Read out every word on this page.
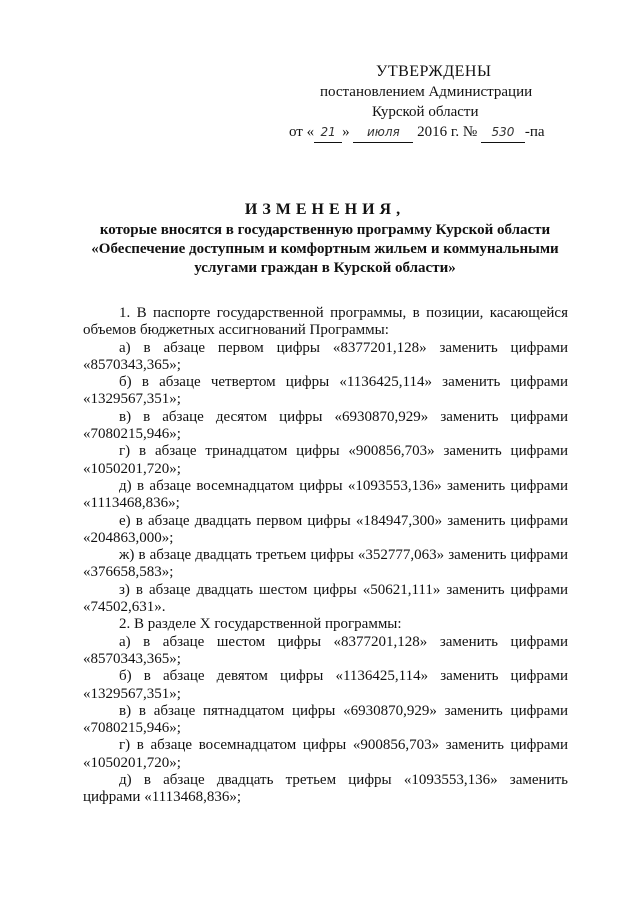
УТВЕРЖДЕНЫ
постановлением Администрации
Курской области
от « 21 » июля 2016 г. № 530 -па
ИЗМЕНЕНИЯ,
которые вносятся в государственную программу Курской области
«Обеспечение доступным и комфортным жильем и коммунальными
услугами граждан в Курской области»
1. В паспорте государственной программы, в позиции, касающейся
объемов бюджетных ассигнований Программы:
а) в абзаце первом цифры «8377201,128» заменить цифрами
«8570343,365»;
б) в абзаце четвертом цифры «1136425,114» заменить цифрами
«1329567,351»;
в) в абзаце десятом цифры «6930870,929» заменить цифрами
«7080215,946»;
г) в абзаце тринадцатом цифры «900856,703» заменить цифрами
«1050201,720»;
д) в абзаце восемнадцатом цифры «1093553,136» заменить цифрами
«1113468,836»;
е) в абзаце двадцать первом цифры «184947,300» заменить цифрами
«204863,000»;
ж) в абзаце двадцать третьем цифры «352777,063» заменить цифрами
«376658,583»;
з) в абзаце двадцать шестом цифры «50621,111» заменить цифрами
«74502,631».
2. В разделе X государственной программы:
а) в абзаце шестом цифры «8377201,128» заменить цифрами
«8570343,365»;
б) в абзаце девятом цифры «1136425,114» заменить цифрами
«1329567,351»;
в) в абзаце пятнадцатом цифры «6930870,929» заменить цифрами
«7080215,946»;
г) в абзаце восемнадцатом цифры «900856,703» заменить цифрами
«1050201,720»;
д) в абзаце двадцать третьем цифры «1093553,136» заменить
цифрами «1113468,836»;
